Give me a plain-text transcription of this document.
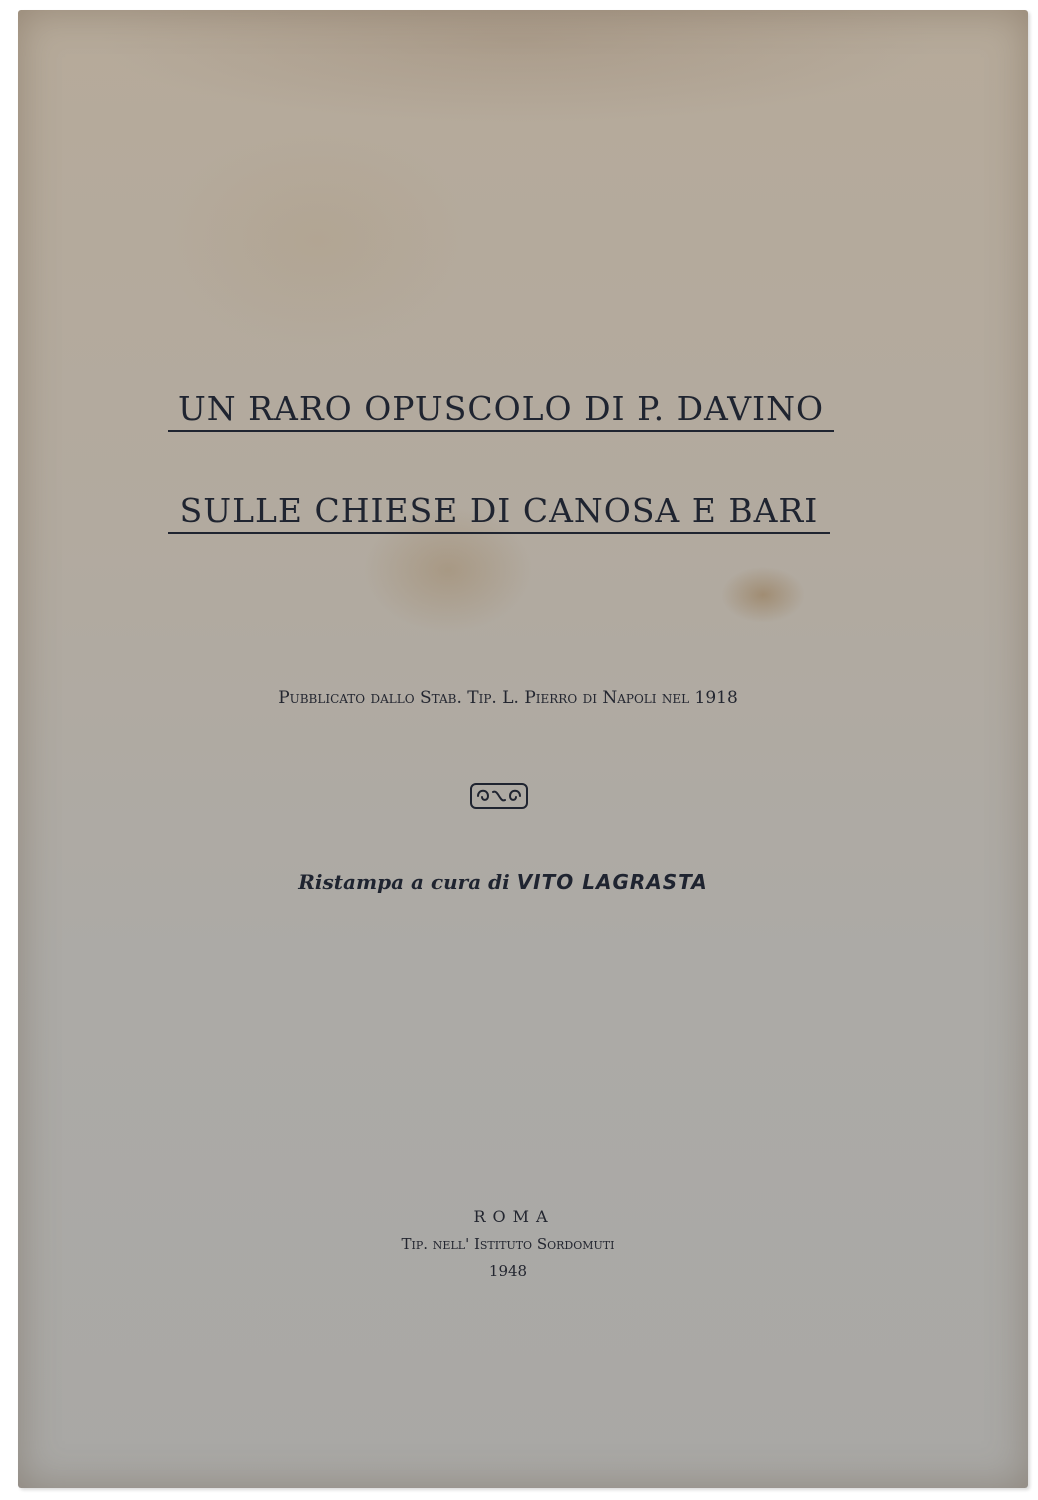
UN RARO OPUSCOLO DI P. DAVINO
SULLE CHIESE DI CANOSA E BARI
Pubblicato dallo Stab. Tip. L. Pierro di Napoli nel 1918
Ristampa a cura di VITO LAGRASTA
ROMA
Tip. nell' Istituto Sordomuti
1948
